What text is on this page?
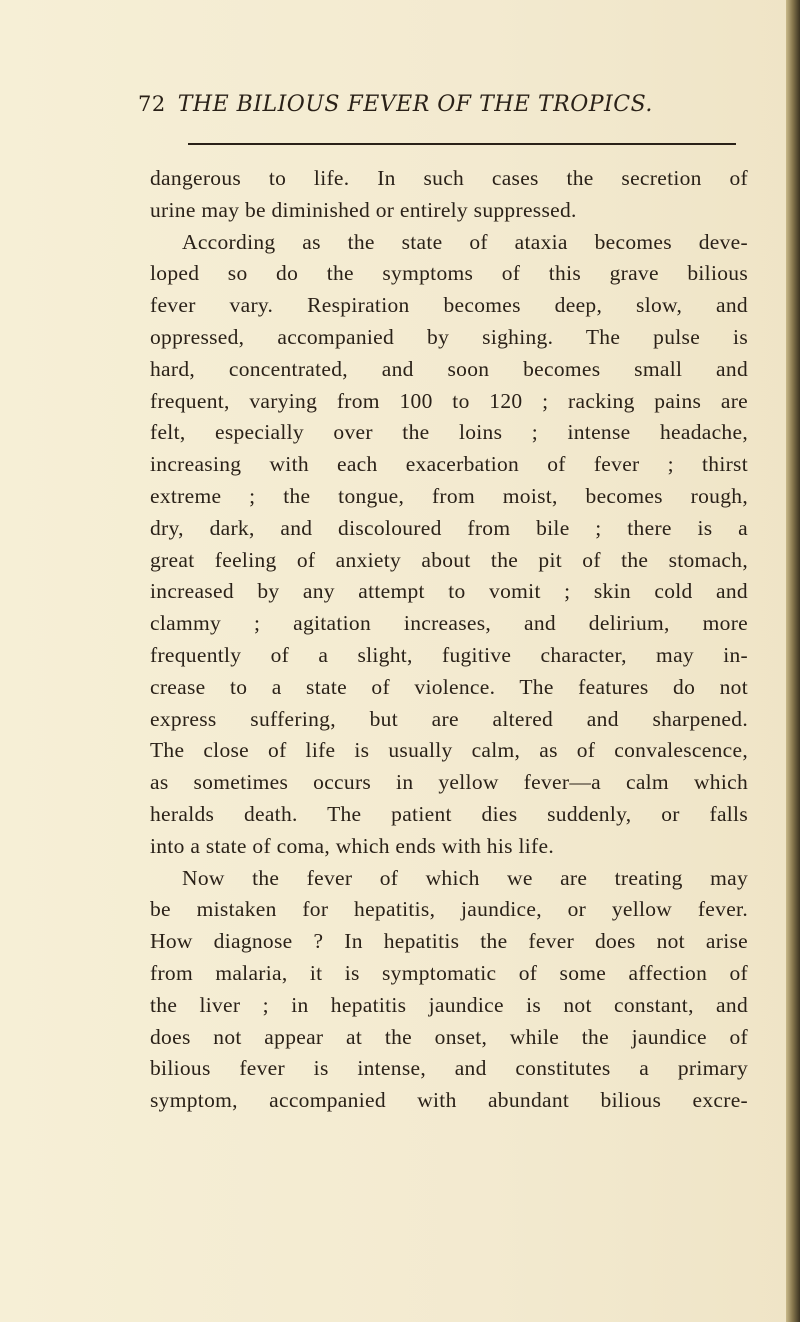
72 THE BILIOUS FEVER OF THE TROPICS.
dangerous to life. In such cases the secretion of
urine may be diminished or entirely suppressed.
According as the state of ataxia becomes deve-
loped so do the symptoms of this grave bilious
fever vary. Respiration becomes deep, slow, and
oppressed, accompanied by sighing. The pulse is
hard, concentrated, and soon becomes small and
frequent, varying from 100 to 120 ; racking pains are
felt, especially over the loins ; intense headache,
increasing with each exacerbation of fever ; thirst
extreme ; the tongue, from moist, becomes rough,
dry, dark, and discoloured from bile ; there is a
great feeling of anxiety about the pit of the stomach,
increased by any attempt to vomit ; skin cold and
clammy ; agitation increases, and delirium, more
frequently of a slight, fugitive character, may in-
crease to a state of violence. The features do not
express suffering, but are altered and sharpened.
The close of life is usually calm, as of convalescence,
as sometimes occurs in yellow fever—a calm which
heralds death. The patient dies suddenly, or falls
into a state of coma, which ends with his life.
Now the fever of which we are treating may
be mistaken for hepatitis, jaundice, or yellow fever.
How diagnose ? In hepatitis the fever does not arise
from malaria, it is symptomatic of some affection of
the liver ; in hepatitis jaundice is not constant, and
does not appear at the onset, while the jaundice of
bilious fever is intense, and constitutes a primary
symptom, accompanied with abundant bilious excre-
